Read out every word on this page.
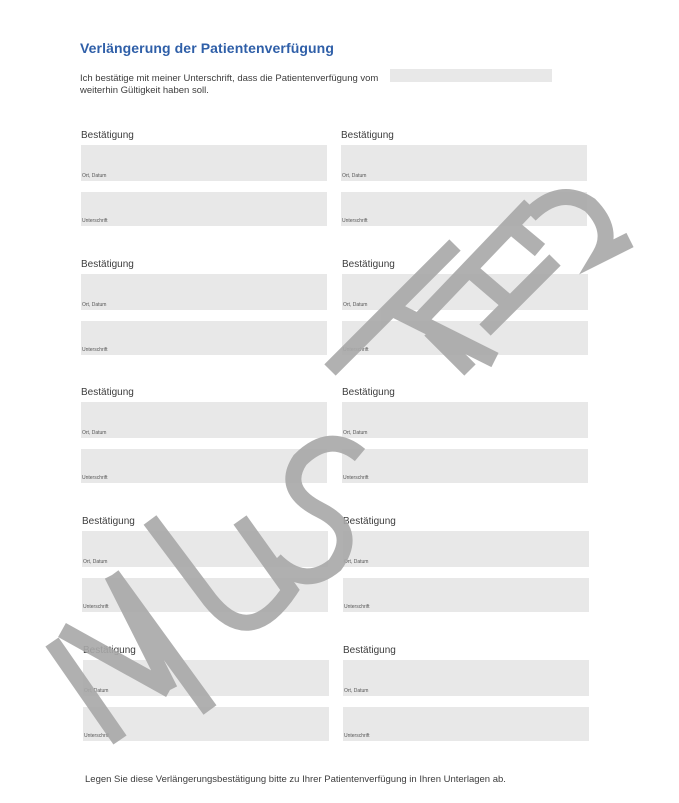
Verlängerung der Patientenverfügung
Ich bestätige mit meiner Unterschrift, dass die Patientenverfügung vom weiterhin Gültigkeit haben soll.
Bestätigung
Ort, Datum
Unterschrift
Bestätigung
Ort, Datum
Unterschrift
Bestätigung
Ort, Datum
Unterschrift
Bestätigung
Ort, Datum
Unterschrift
Bestätigung
Ort, Datum
Unterschrift
Bestätigung
Ort, Datum
Unterschrift
Bestätigung
Ort, Datum
Unterschrift
Bestätigung
Ort, Datum
Unterschrift
Bestätigung
Ort, Datum
Unterschrift
Bestätigung
Ort, Datum
Unterschrift
Legen Sie diese Verlängerungsbestätigung bitte zu Ihrer Patientenverfügung in Ihren Unterlagen ab.
